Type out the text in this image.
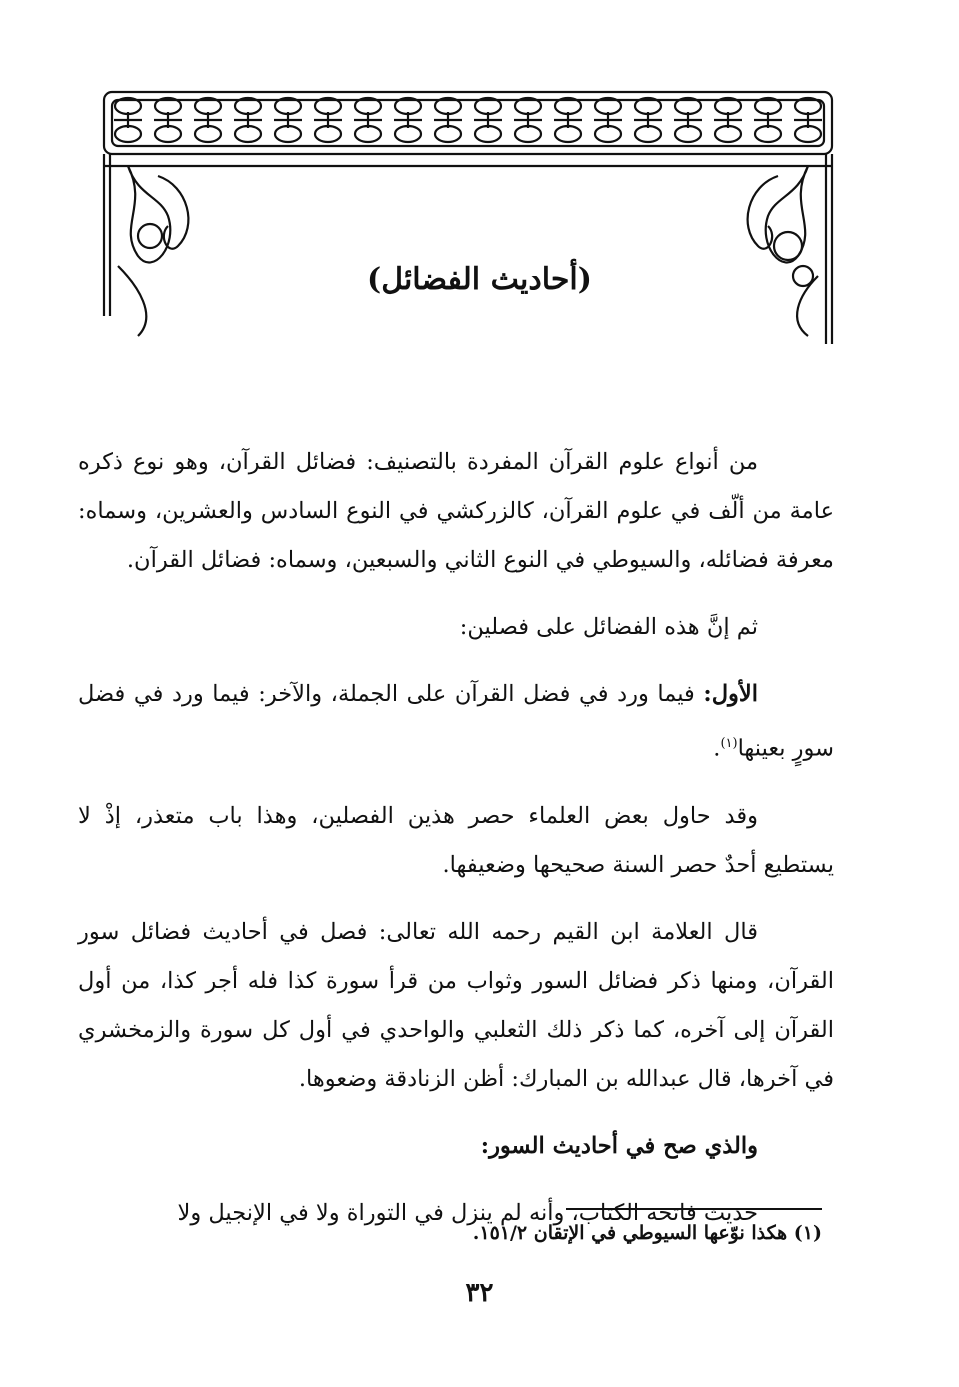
(أحاديث الفضائل)

من أنواع علوم القرآن المفردة بالتصنيف: فضائل القرآن، وهو نوع ذكره عامة من ألّف في علوم القرآن، كالزركشي في النوع السادس والعشرين، وسماه: معرفة فضائله، والسيوطي في النوع الثاني والسبعين، وسماه: فضائل القرآن.

ثم إنَّ هذه الفضائل على فصلين:

الأول: فيما ورد في فضل القرآن على الجملة، والآخر: فيما ورد في فضل سورٍ بعينها$^{(١)}$.

وقد حاول بعض العلماء حصر هذين الفصلين، وهذا باب متعذر، إذْ لا يستطيع أحدٌ حصر السنة صحيحها وضعيفها.

قال العلامة ابن القيم رحمه الله تعالى: فصل في أحاديث فضائل سور القرآن، ومنها ذكر فضائل السور وثواب من قرأ سورة كذا فله أجر كذا، من أول القرآن إلى آخره، كما ذكر ذلك الثعلبي والواحدي في أول كل سورة والزمخشري في آخرها، قال عبدالله بن المبارك: أظن الزنادقة وضعوها.

والذي صح في أحاديث السور:

حديث فاتحة الكتاب، وأنه لم ينزل في التوراة ولا في الإنجيل ولا

(١) هكذا نوّعها السيوطي في الإتقان ١٥١/٢.
٣٢
